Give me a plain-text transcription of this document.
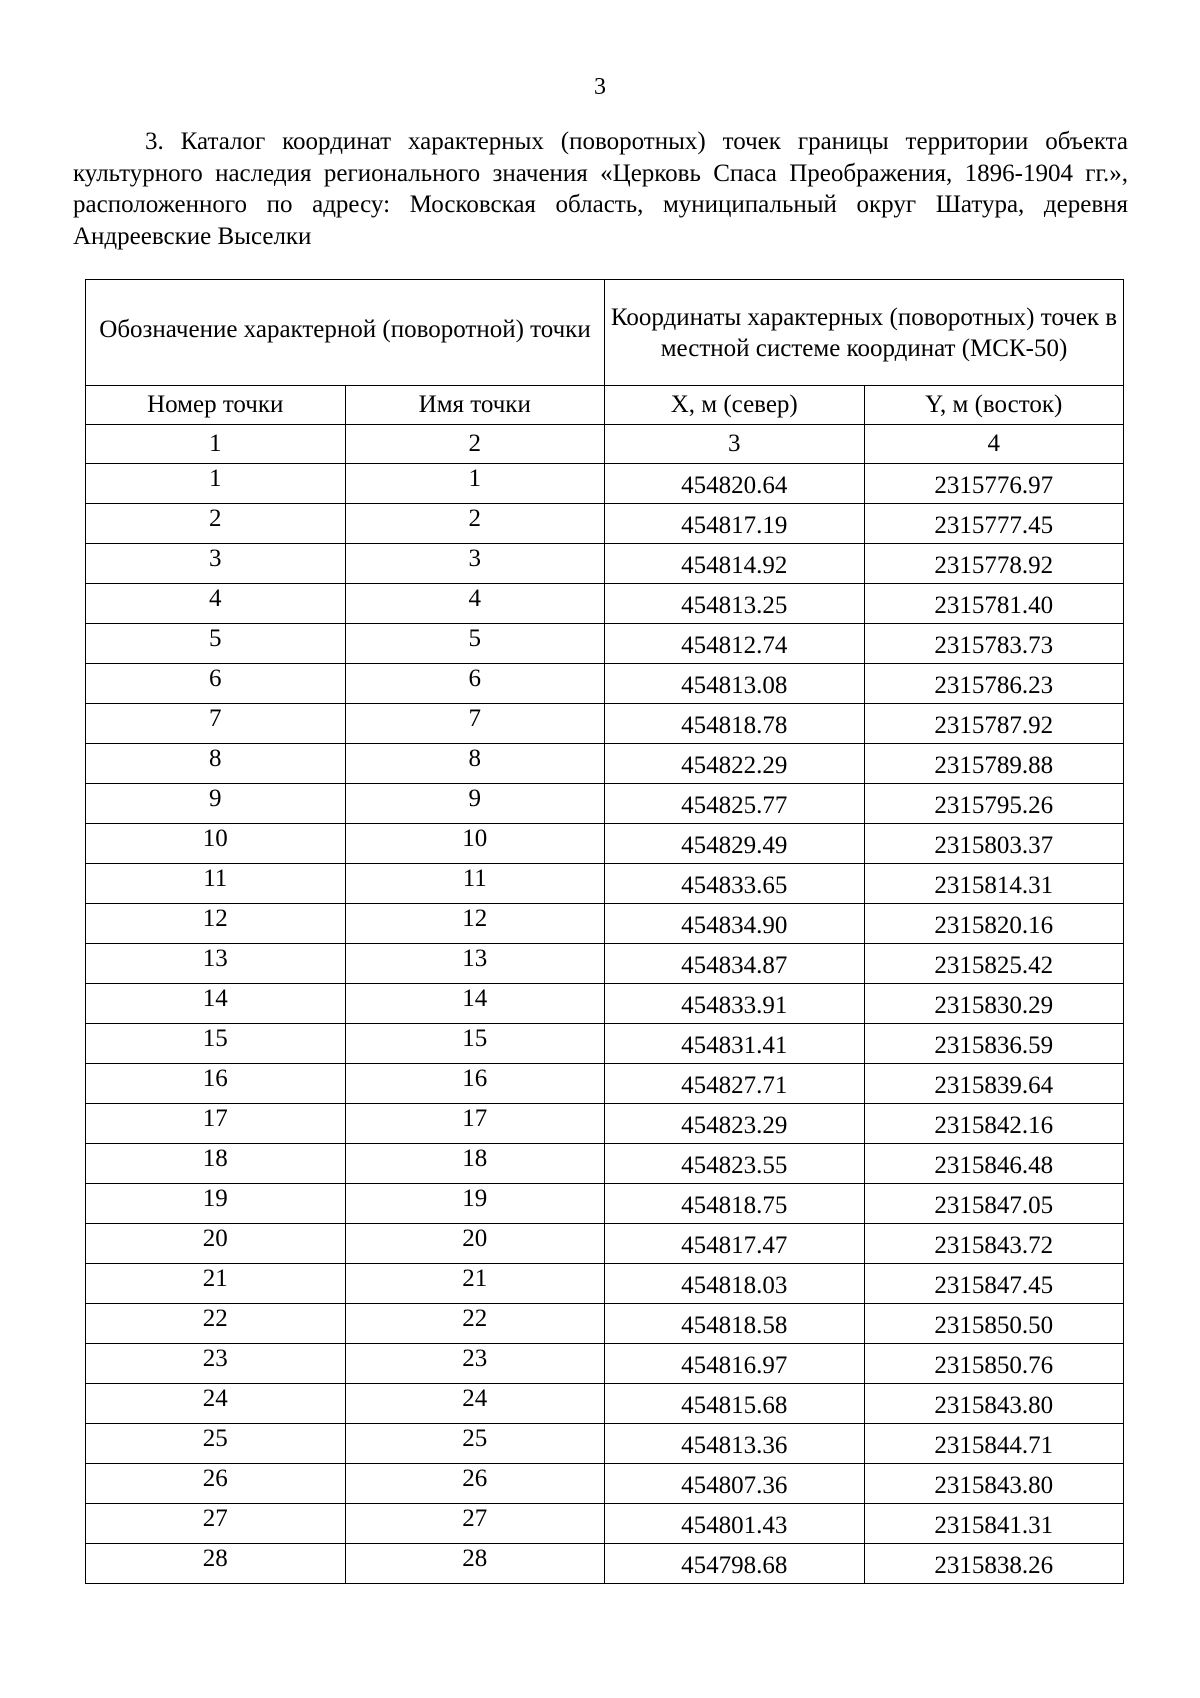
3

3. Каталог координат характерных (поворотных) точек границы территории объекта культурного наследия регионального значения «Церковь Спаса Преображения, 1896-1904 гг.», расположенного по адресу: Московская область, муниципальный округ Шатура, деревня Андреевские Выселки

Обозначение характерной (поворотной) точки		Координаты характерных (поворотных) точек в местной системе координат (МСК-50)	
Номер точки	Имя точки	X, м (север)	Y, м (восток)
1	2	3	4
1	1	454820.64	2315776.97
2	2	454817.19	2315777.45
3	3	454814.92	2315778.92
4	4	454813.25	2315781.40
5	5	454812.74	2315783.73
6	6	454813.08	2315786.23
7	7	454818.78	2315787.92
8	8	454822.29	2315789.88
9	9	454825.77	2315795.26
10	10	454829.49	2315803.37
11	11	454833.65	2315814.31
12	12	454834.90	2315820.16
13	13	454834.87	2315825.42
14	14	454833.91	2315830.29
15	15	454831.41	2315836.59
16	16	454827.71	2315839.64
17	17	454823.29	2315842.16
18	18	454823.55	2315846.48
19	19	454818.75	2315847.05
20	20	454817.47	2315843.72
21	21	454818.03	2315847.45
22	22	454818.58	2315850.50
23	23	454816.97	2315850.76
24	24	454815.68	2315843.80
25	25	454813.36	2315844.71
26	26	454807.36	2315843.80
27	27	454801.43	2315841.31
28	28	454798.68	2315838.26
